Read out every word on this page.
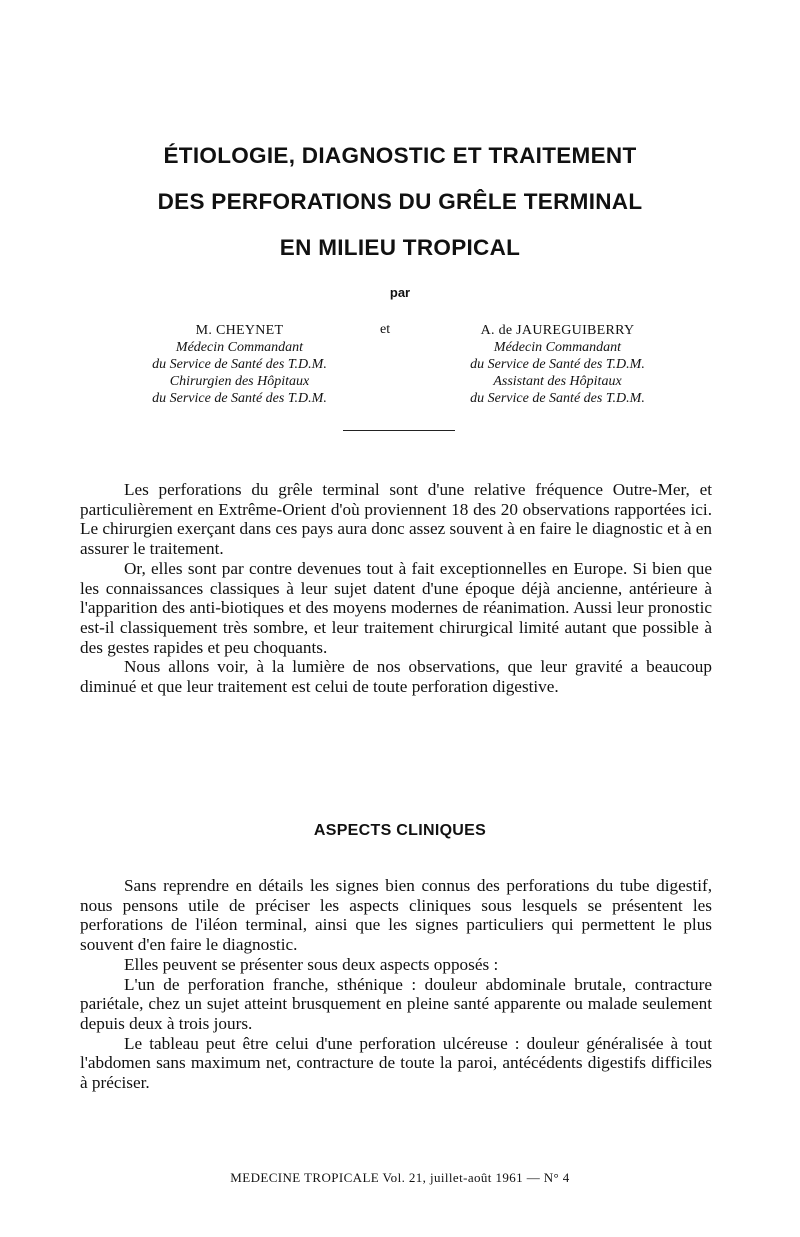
ÉTIOLOGIE, DIAGNOSTIC ET TRAITEMENT
DES PERFORATIONS DU GRÊLE TERMINAL
EN MILIEU TROPICAL
par
M. CHEYNET
Médecin Commandant
du Service de Santé des T.D.M.
Chirurgien des Hôpitaux
du Service de Santé des T.D.M.
et	A. de JAUREGUIBERRY
Médecin Commandant
du Service de Santé des T.D.M.
Assistant des Hôpitaux
du Service de Santé des T.D.M.

Les perforations du grêle terminal sont d'une relative fréquence Outre-Mer, et particulièrement en Extrême-Orient d'où proviennent 18 des 20 observations rapportées ici. Le chirurgien exerçant dans ces pays aura donc assez souvent à en faire le diagnostic et à en assurer le traitement.

Or, elles sont par contre devenues tout à fait exceptionnelles en Europe. Si bien que les connaissances classiques à leur sujet datent d'une époque déjà ancienne, antérieure à l'apparition des anti-biotiques et des moyens modernes de réanimation. Aussi leur pronostic est-il classiquement très sombre, et leur traitement chirurgical limité autant que possible à des gestes rapides et peu choquants.

Nous allons voir, à la lumière de nos observations, que leur gravité a beaucoup diminué et que leur traitement est celui de toute perforation digestive.

ASPECTS CLINIQUES

Sans reprendre en détails les signes bien connus des perforations du tube digestif, nous pensons utile de préciser les aspects cliniques sous lesquels se présentent les perforations de l'iléon terminal, ainsi que les signes particuliers qui permettent le plus souvent d'en faire le diagnostic.

Elles peuvent se présenter sous deux aspects opposés :

L'un de perforation franche, sthénique : douleur abdominale brutale, contracture pariétale, chez un sujet atteint brusquement en pleine santé apparente ou malade seulement depuis deux à trois jours.

Le tableau peut être celui d'une perforation ulcéreuse : douleur généralisée à tout l'abdomen sans maximum net, contracture de toute la paroi, antécédents digestifs difficiles à préciser.

MEDECINE TROPICALE Vol. 21, juillet-août 1961 — N° 4
